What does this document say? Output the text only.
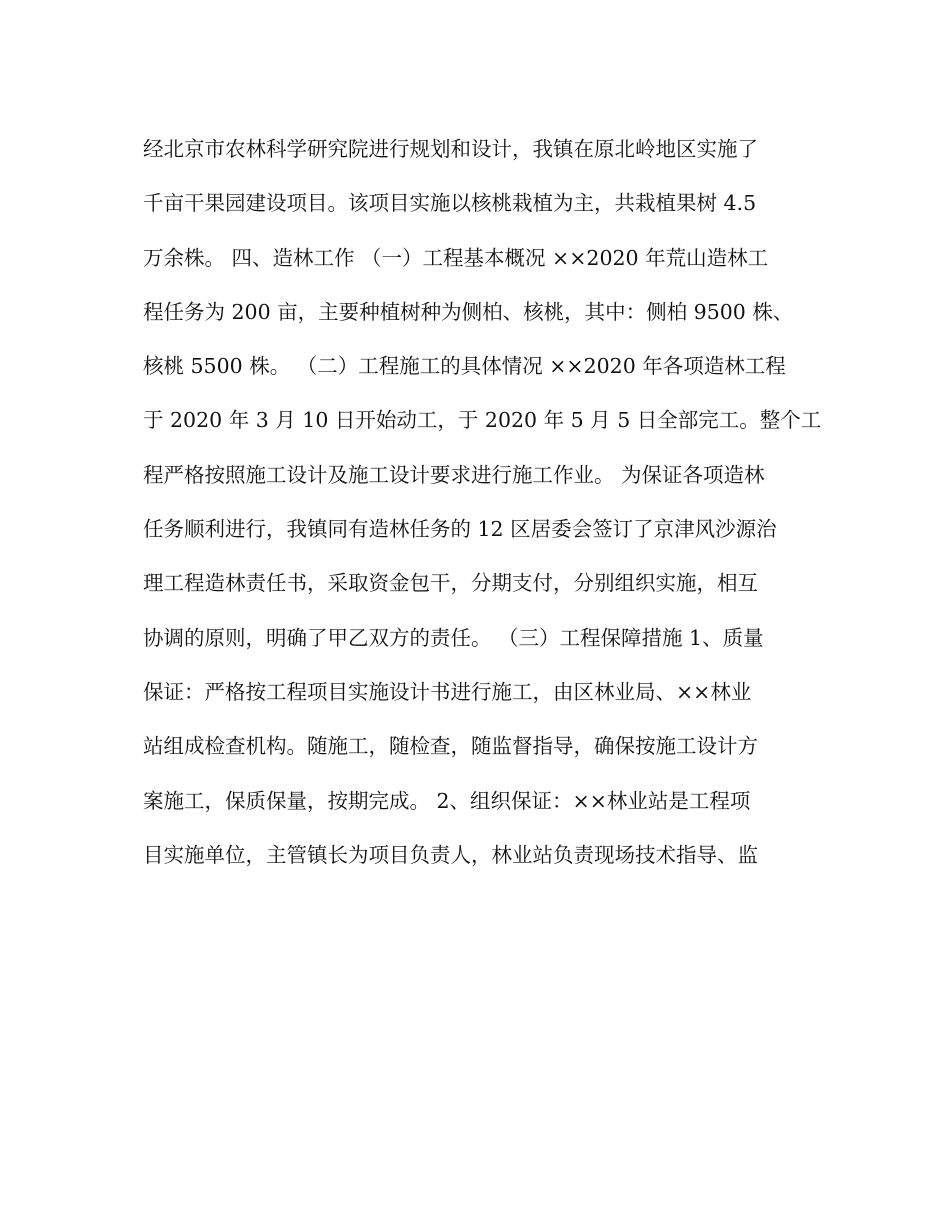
经北京市农林科学研究院进行规划和设计，我镇在原北岭地区实施了
千亩干果园建设项目。该项目实施以核桃栽植为主，共栽植果树 4.5
万余株。 四、造林工作 （一）工程基本概况 ××2020 年荒山造林工
程任务为 200 亩，主要种植树种为侧柏、核桃，其中：侧柏 9500 株、
核桃 5500 株。 （二）工程施工的具体情况 ××2020 年各项造林工程
于 2020 年 3 月 10 日开始动工，于 2020 年 5 月 5 日全部完工。整个工
程严格按照施工设计及施工设计要求进行施工作业。 为保证各项造林
任务顺利进行，我镇同有造林任务的 12 区居委会签订了京津风沙源治
理工程造林责任书，采取资金包干，分期支付，分别组织实施，相互
协调的原则，明确了甲乙双方的责任。 （三）工程保障措施 1、质量
保证：严格按工程项目实施设计书进行施工，由区林业局、××林业
站组成检查机构。随施工，随检查，随监督指导，确保按施工设计方
案施工，保质保量，按期完成。 2、组织保证：××林业站是工程项
目实施单位，主管镇长为项目负责人，林业站负责现场技术指导、监
